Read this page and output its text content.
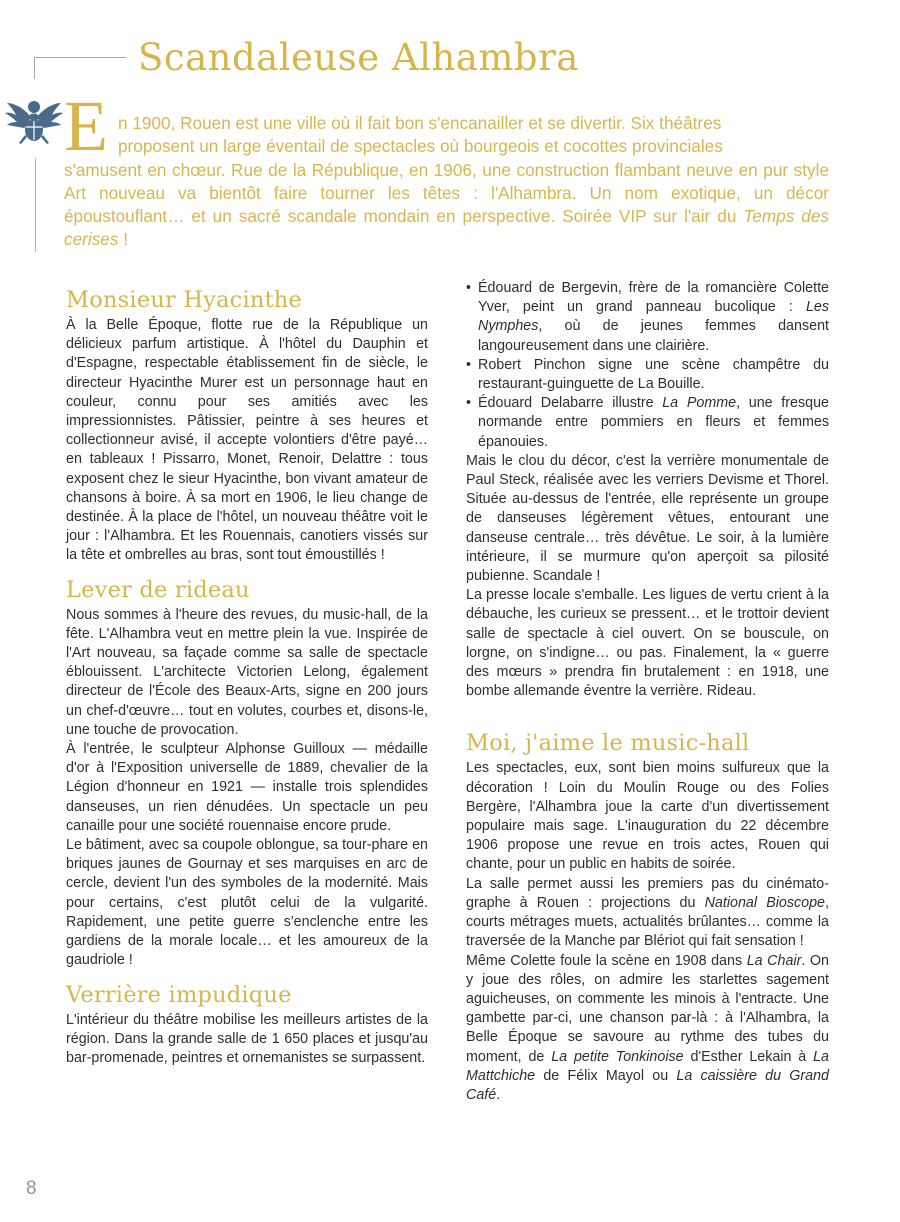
Scandaleuse Alhambra
E n 1900, Rouen est une ville où il fait bon s'encanailler et se divertir. Six théâtres
proposent un large éventail de spectacles où bourgeois et cocottes provinciales
s'amusent en chœur. Rue de la République, en 1906, une construction flambant neuve en pur style Art nouveau va bientôt faire tourner les têtes : l'Alhambra. Un nom exotique, un décor époustouflant… et un sacré scandale mondain en perspective. Soirée VIP sur l'air du Temps des cerises !

Monsieur Hyacinthe

À la Belle Époque, flotte rue de la République un délicieux parfum artistique. À l'hôtel du Dauphin et d'Espagne, respectable établissement fin de siècle, le directeur Hyacinthe Murer est un personnage haut en couleur, connu pour ses amitiés avec les impressionnistes. Pâtissier, peintre à ses heures et collectionneur avisé, il accepte volontiers d'être payé… en tableaux ! Pissarro, Monet, Renoir, Delattre : tous exposent chez le sieur Hyacinthe, bon vivant amateur de chansons à boire. À sa mort en 1906, le lieu change de destinée. À la place de l'hôtel, un nouveau théâtre voit le jour : l'Alhambra. Et les Rouennais, canotiers vissés sur la tête et ombrelles au bras, sont tout émoustillés !

Lever de rideau

Nous sommes à l'heure des revues, du music-hall, de la fête. L'Alhambra veut en mettre plein la vue. Inspirée de l'Art nouveau, sa façade comme sa salle de spectacle éblouissent. L'architecte Victorien Lelong, également directeur de l'École des Beaux-Arts, signe en 200 jours un chef-d'œuvre… tout en volutes, courbes et, disons-le, une touche de provocation.

À l'entrée, le sculpteur Alphonse Guilloux — médaille d'or à l'Exposition universelle de 1889, chevalier de la Légion d'honneur en 1921 — installe trois splendides danseuses, un rien dénudées. Un spectacle un peu canaille pour une société rouennaise encore prude.

Le bâtiment, avec sa coupole oblongue, sa tour-phare en briques jaunes de Gournay et ses marquises en arc de cercle, devient l'un des symboles de la modernité. Mais pour certains, c'est plutôt celui de la vulgarité. Rapidement, une petite guerre s'enclenche entre les gardiens de la morale locale… et les amoureux de la gaudriole !

Verrière impudique

L'intérieur du théâtre mobilise les meilleurs artistes de la région. Dans la grande salle de 1 650 places et jusqu'au bar-promenade, peintres et ornemanistes se surpassent.

• Édouard de Bergevin, frère de la romancière Colette Yver, peint un grand panneau bucolique : Les Nymphes, où de jeunes femmes dansent langoureusement dans une clairière.
• Robert Pinchon signe une scène champêtre du restaurant-guinguette de La Bouille.
• Édouard Delabarre illustre La Pomme, une fresque normande entre pommiers en fleurs et femmes épanouies.

Mais le clou du décor, c'est la verrière monumentale de Paul Steck, réalisée avec les verriers Devisme et Thorel. Située au-dessus de l'entrée, elle représente un groupe de danseuses légèrement vêtues, entourant une danseuse centrale… très dévêtue. Le soir, à la lumière intérieure, il se murmure qu'on aperçoit sa pilosité pubienne. Scandale !

La presse locale s'emballe. Les ligues de vertu crient à la débauche, les curieux se pressent… et le trottoir devient salle de spectacle à ciel ouvert. On se bouscule, on lorgne, on s'indigne… ou pas. Finalement, la « guerre des mœurs » prendra fin brutalement : en 1918, une bombe allemande éventre la verrière. Rideau.

Moi, j'aime le music-hall

Les spectacles, eux, sont bien moins sulfureux que la décoration ! Loin du Moulin Rouge ou des Folies Bergère, l'Alhambra joue la carte d'un divertissement populaire mais sage. L'inauguration du 22 décembre 1906 propose une revue en trois actes, Rouen qui chante, pour un public en habits de soirée.

La salle permet aussi les premiers pas du cinémato-graphe à Rouen : projections du National Bioscope, courts métrages muets, actualités brûlantes… comme la traversée de la Manche par Blériot qui fait sensation !

Même Colette foule la scène en 1908 dans La Chair. On y joue des rôles, on admire les starlettes sagement aguicheuses, on commente les minois à l'entracte. Une gambette par-ci, une chanson par-là : à l'Alhambra, la Belle Époque se savoure au rythme des tubes du moment, de La petite Tonkinoise d'Esther Lekain à La Mattchiche de Félix Mayol ou La caissière du Grand Café.

8
